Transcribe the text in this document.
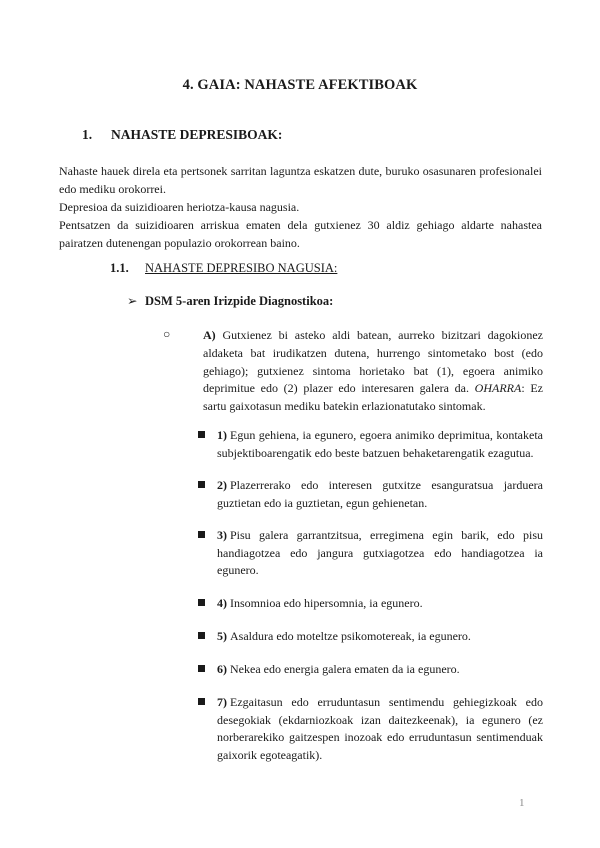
4. GAIA: NAHASTE AFEKTIBOAK
1. NAHASTE DEPRESIBOAK:

Nahaste hauek direla eta pertsonek sarritan laguntza eskatzen dute, buruko osasunaren profesionalei edo mediku orokorrei.

Depresioa da suizidioaren heriotza-kausa nagusia.

Pentsatzen da suizidioaren arriskua ematen dela gutxienez 30 aldiz gehiago aldarte nahastea pairatzen dutenengan populazio orokorrean baino.

1.1. NAHASTE DEPRESIBO NAGUSIA:
➢ DSM 5-aren Irizpide Diagnostikoa:
○	A) Gutxienez bi asteko aldi batean, aurreko bizitzari dagokionez aldaketa bat irudikatzen dutena, hurrengo sintometako bost (edo gehiago); gutxienez sintoma horietako bat (1), egoera animiko deprimitue edo (2) plazer edo interesaren galera da. OHARRA: Ez sartu gaixotasun mediku batekin erlazionatutako sintomak.
1) Egun gehiena, ia egunero, egoera animiko deprimitua, kontaketa subjektiboarengatik edo beste batzuen behaketarengatik ezagutua.
2) Plazerrerako edo interesen gutxitze esanguratsua jarduera guztietan edo ia guztietan, egun gehienetan.
3) Pisu galera garrantzitsua, erregimena egin barik, edo pisu handiagotzea edo jangura gutxiagotzea edo handiagotzea ia egunero.
4) Insomnioa edo hipersomnia, ia egunero.
5) Asaldura edo moteltze psikomotereak, ia egunero.
6) Nekea edo energia galera ematen da ia egunero.
7) Ezgaitasun edo erruduntasun sentimendu gehiegizkoak edo desegokiak (ekdarniozkoak izan daitezkeenak), ia egunero (ez norberarekiko gaitzespen inozoak edo erruduntasun sentimenduak gaixorik egoteagatik).
1
